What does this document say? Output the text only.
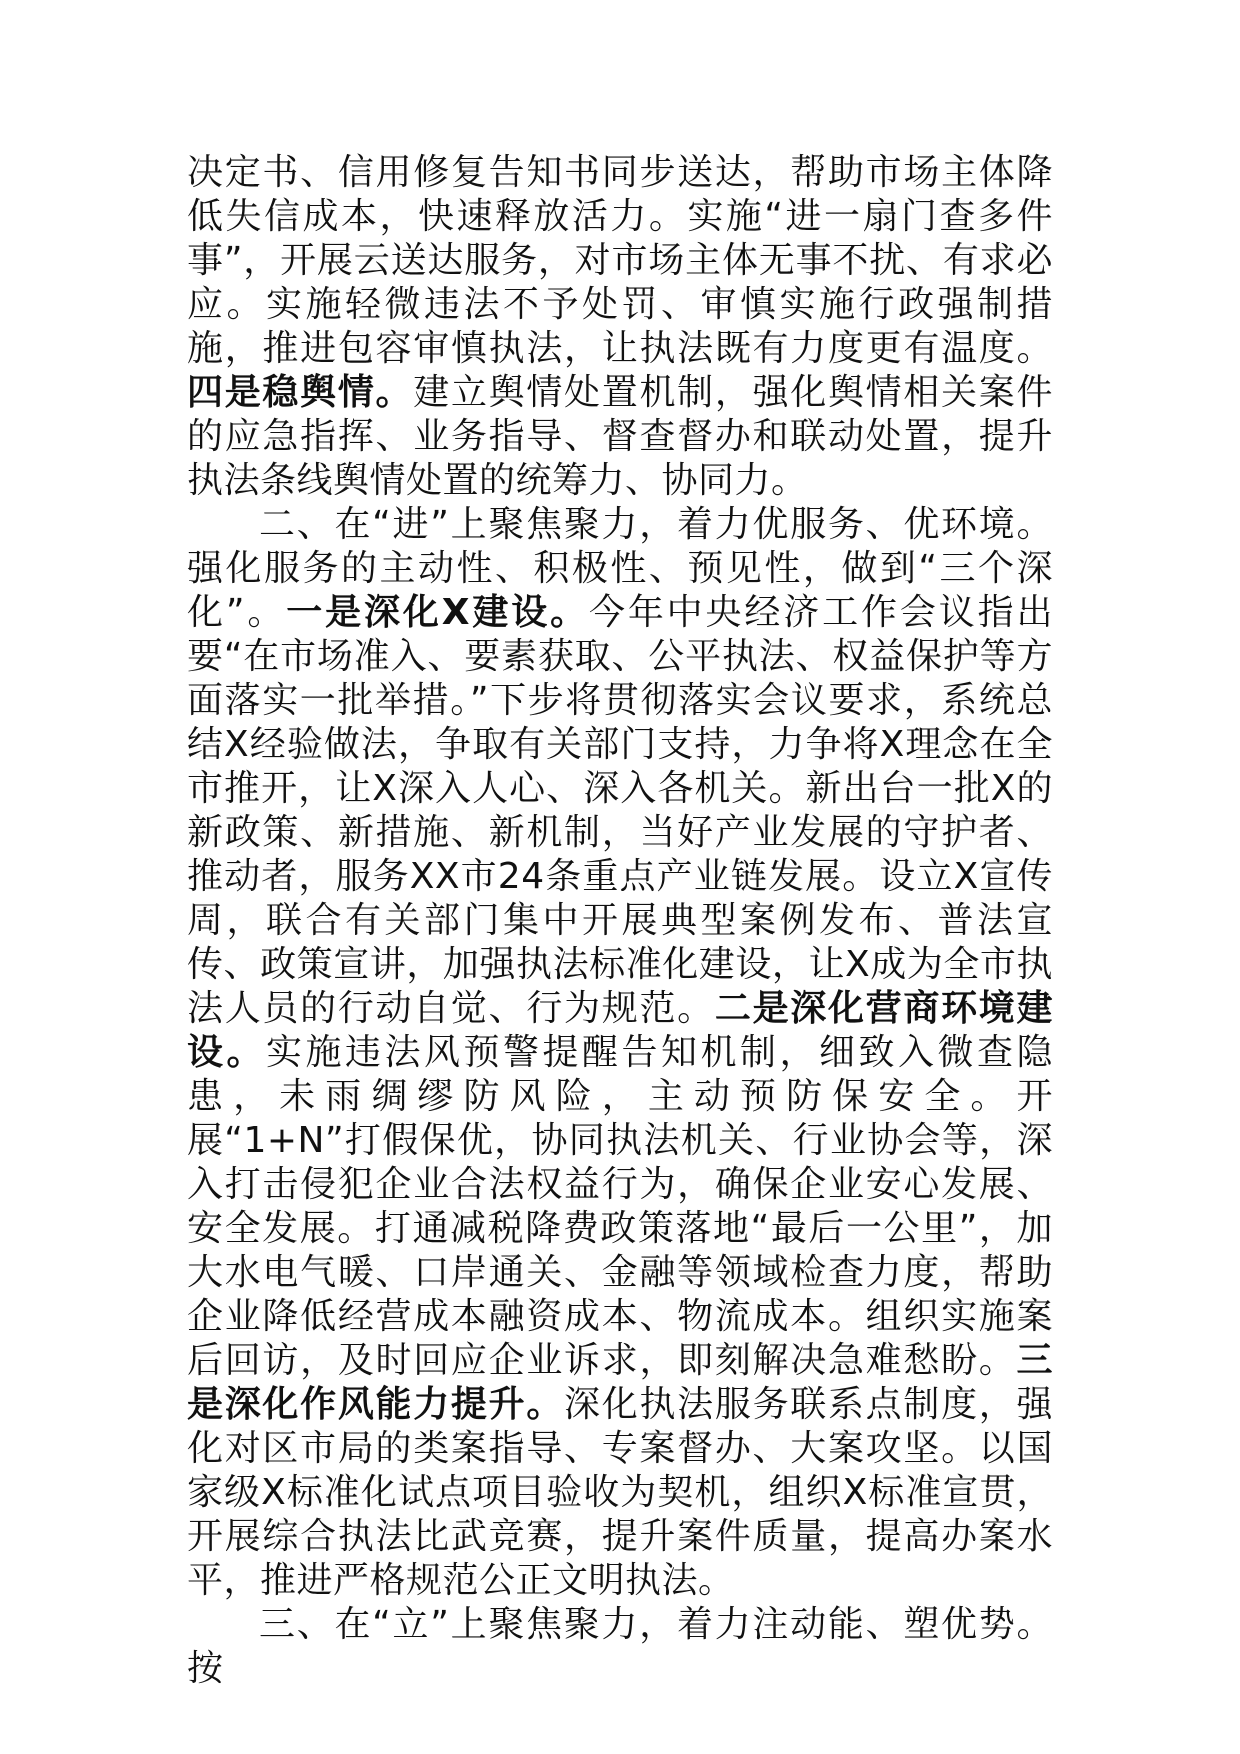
决定书、信用修复告知书同步送达，帮助市场主体降低失信成本，快速释放活力。实施“进一扇门查多件事”，开展云送达服务，对市场主体无事不扰、有求必应。实施轻微违法不予处罚、审慎实施行政强制措施，推进包容审慎执法，让执法既有力度更有温度。四是稳舆情。建立舆情处置机制，强化舆情相关案件的应急指挥、业务指导、督查督办和联动处置，提升执法条线舆情处置的统筹力、协同力。

二、在“进”上聚焦聚力，着力优服务、优环境。强化服务的主动性、积极性、预见性，做到“三个深化”。一是深化X建设。今年中央经济工作会议指出要“在市场准入、要素获取、公平执法、权益保护等方面落实一批举措。”下步将贯彻落实会议要求，系统总结X经验做法，争取有关部门支持，力争将X理念在全市推开，让X深入人心、深入各机关。新出台一批X的新政策、新措施、新机制，当好产业发展的守护者、推动者，服务XX市24条重点产业链发展。设立X宣传周，联合有关部门集中开展典型案例发布、普法宣传、政策宣讲，加强执法标准化建设，让X成为全市执法人员的行动自觉、行为规范。二是深化营商环境建设。实施违法风预警提醒告知机制，细致入微查隐患，未雨绸缪防风险，主动预防保安全。开展“1+N”打假保优，协同执法机关、行业协会等，深入打击侵犯企业合法权益行为，确保企业安心发展、安全发展。打通减税降费政策落地“最后一公里”，加大水电气暖、口岸通关、金融等领域检查力度，帮助企业降低经营成本融资成本、物流成本。组织实施案后回访，及时回应企业诉求，即刻解决急难愁盼。三是深化作风能力提升。深化执法服务联系点制度，强化对区市局的类案指导、专案督办、大案攻坚。以国家级X标准化试点项目验收为契机，组织X标准宣贯，开展综合执法比武竞赛，提升案件质量，提高办案水平，推进严格规范公正文明执法。

三、在“立”上聚焦聚力，着力注动能、塑优势。按
